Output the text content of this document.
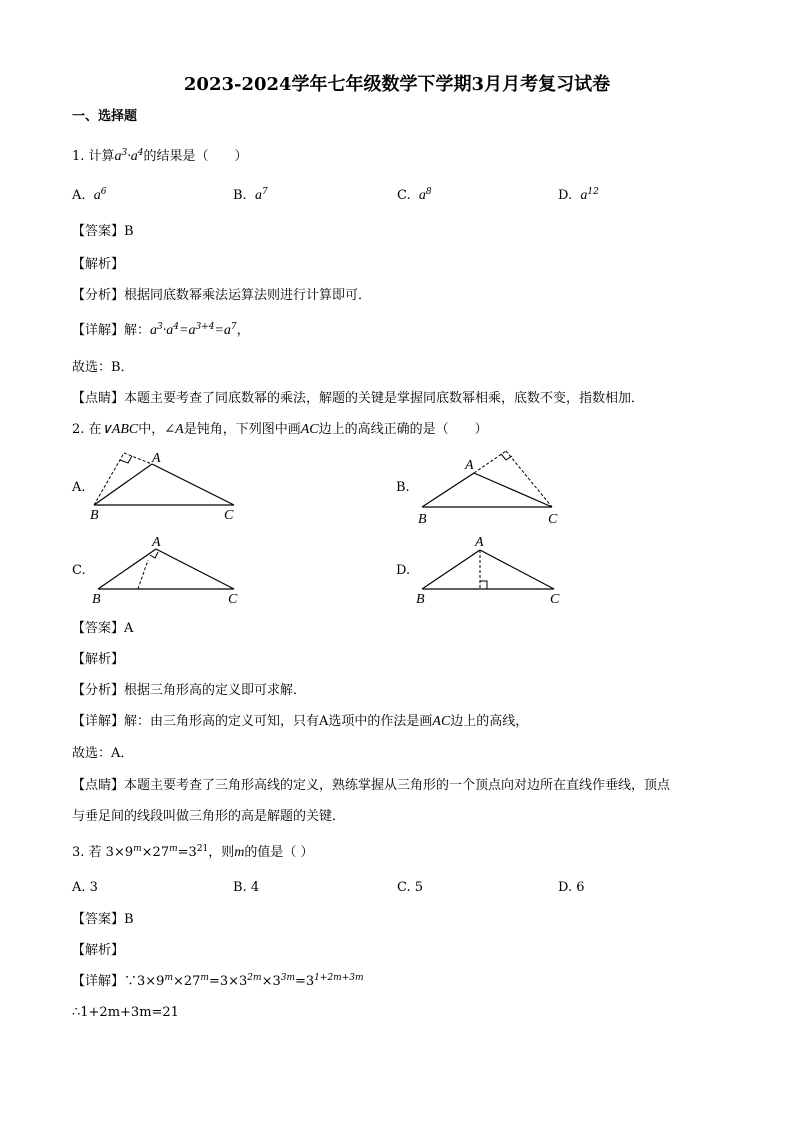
2023-2024学年七年级数学下学期3月月考复习试卷
一、选择题
1. 计算$a^3\cdot a^4$的结果是（　　）
A. $a^6$	B. $a^7$	C. $a^8$	D. $a^{12}$
【答案】B
【解析】
【分析】根据同底数幂乘法运算法则进行计算即可．
【详解】解：$a^3\cdot a^4=a^{3+4}=a^7$，
故选：B．
【点睛】本题主要考查了同底数幂的乘法，解题的关键是掌握同底数幂相乘，底数不变，指数相加．
2. 在∨ABC中，∠A是钝角，下列图中画AC边上的高线正确的是（　　）
A.
A
B	C
B.
A
B	C
C.
A
B	C
D.
A
B	C
【答案】A
【解析】
【分析】根据三角形高的定义即可求解．
【详解】解：由三角形高的定义可知，只有A选项中的作法是画AC边上的高线，
故选：A．
【点睛】本题主要考查了三角形高线的定义，熟练掌握从三角形的一个顶点向对边所在直线作垂线，顶点
与垂足间的线段叫做三角形的高是解题的关键．
3. 若 $3\times 9^m\times 27^m=3^{21}$，则m的值是（ ）
A. 3	B. 4	C. 5	D. 6
【答案】B
【解析】
【详解】$\because 3\times 9^m\times 27^m=3\times 3^{2m}\times 3^{3m}=3^{1+2m+3m}$
∴1+2m+3m=21
